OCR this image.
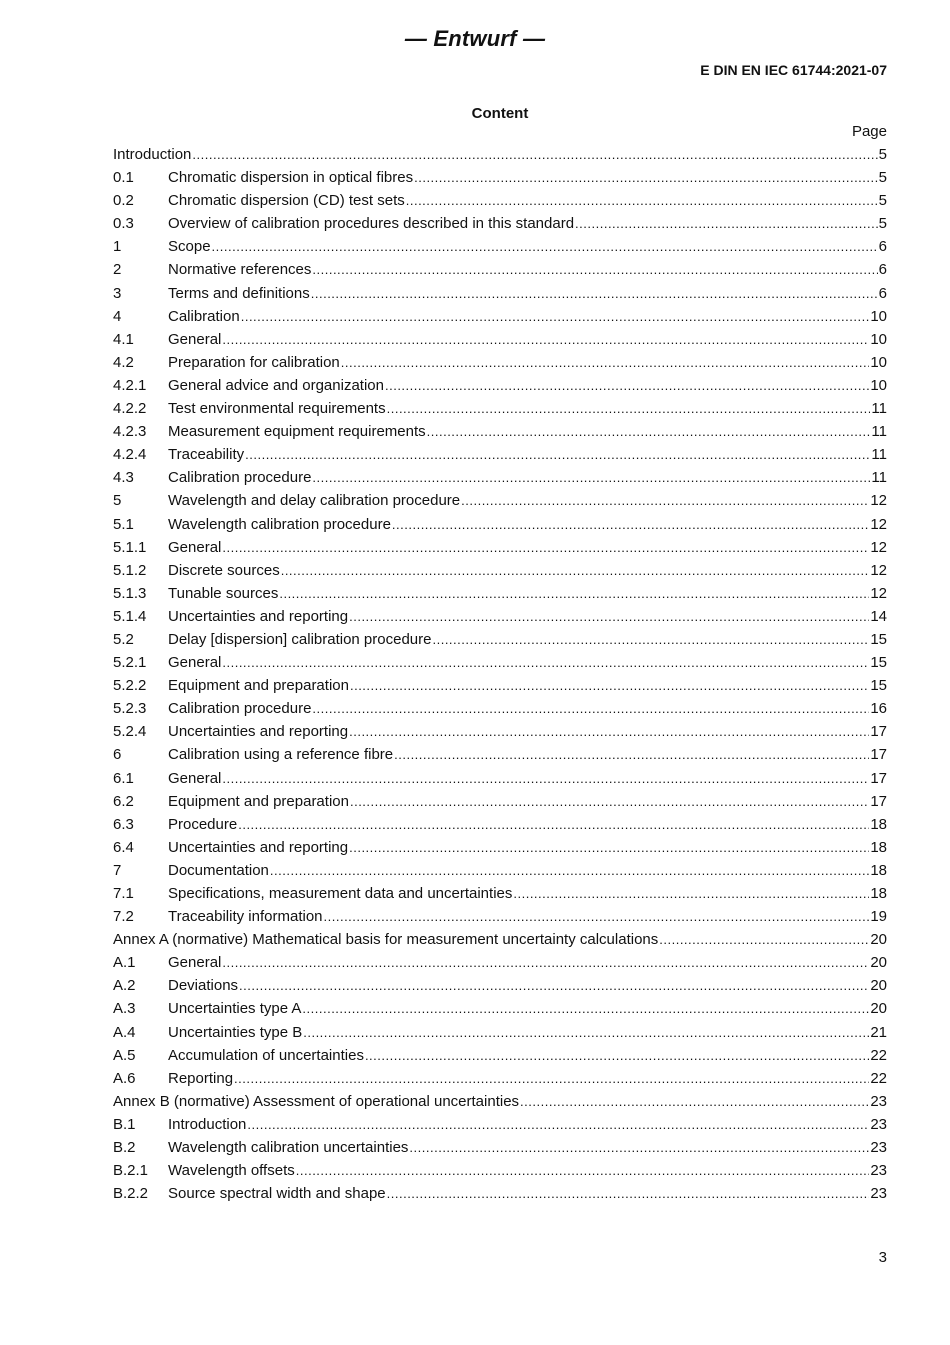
— Entwurf —
E DIN EN IEC 61744:2021-07
Content
Page
Introduction .....	5
0.1	Chromatic dispersion in optical fibres .....	5
0.2	Chromatic dispersion (CD) test sets .....	5
0.3	Overview of calibration procedures described in this standard .....	5
1	Scope .....	6
2	Normative references .....	6
3	Terms and definitions .....	6
4	Calibration .....	10
4.1	General .....	10
4.2	Preparation for calibration .....	10
4.2.1	General advice and organization .....	10
4.2.2	Test environmental requirements .....	11
4.2.3	Measurement equipment requirements .....	11
4.2.4	Traceability .....	11
4.3	Calibration procedure .....	11
5	Wavelength and delay calibration procedure .....	12
5.1	Wavelength calibration procedure .....	12
5.1.1	General .....	12
5.1.2	Discrete sources .....	12
5.1.3	Tunable sources .....	12
5.1.4	Uncertainties and reporting .....	14
5.2	Delay [dispersion] calibration procedure .....	15
5.2.1	General .....	15
5.2.2	Equipment and preparation .....	15
5.2.3	Calibration procedure .....	16
5.2.4	Uncertainties and reporting .....	17
6	Calibration using a reference fibre .....	17
6.1	General .....	17
6.2	Equipment and preparation .....	17
6.3	Procedure .....	18
6.4	Uncertainties and reporting .....	18
7	Documentation .....	18
7.1	Specifications, measurement data and uncertainties .....	18
7.2	Traceability information .....	19
Annex A (normative) Mathematical basis for measurement uncertainty calculations .....	20
A.1	General .....	20
A.2	Deviations .....	20
A.3	Uncertainties type A .....	20
A.4	Uncertainties type B .....	21
A.5	Accumulation of uncertainties .....	22
A.6	Reporting .....	22
Annex B (normative) Assessment of operational uncertainties .....	23
B.1	Introduction .....	23
B.2	Wavelength calibration uncertainties .....	23
B.2.1	Wavelength offsets .....	23
B.2.2	Source spectral width and shape .....	23
3
